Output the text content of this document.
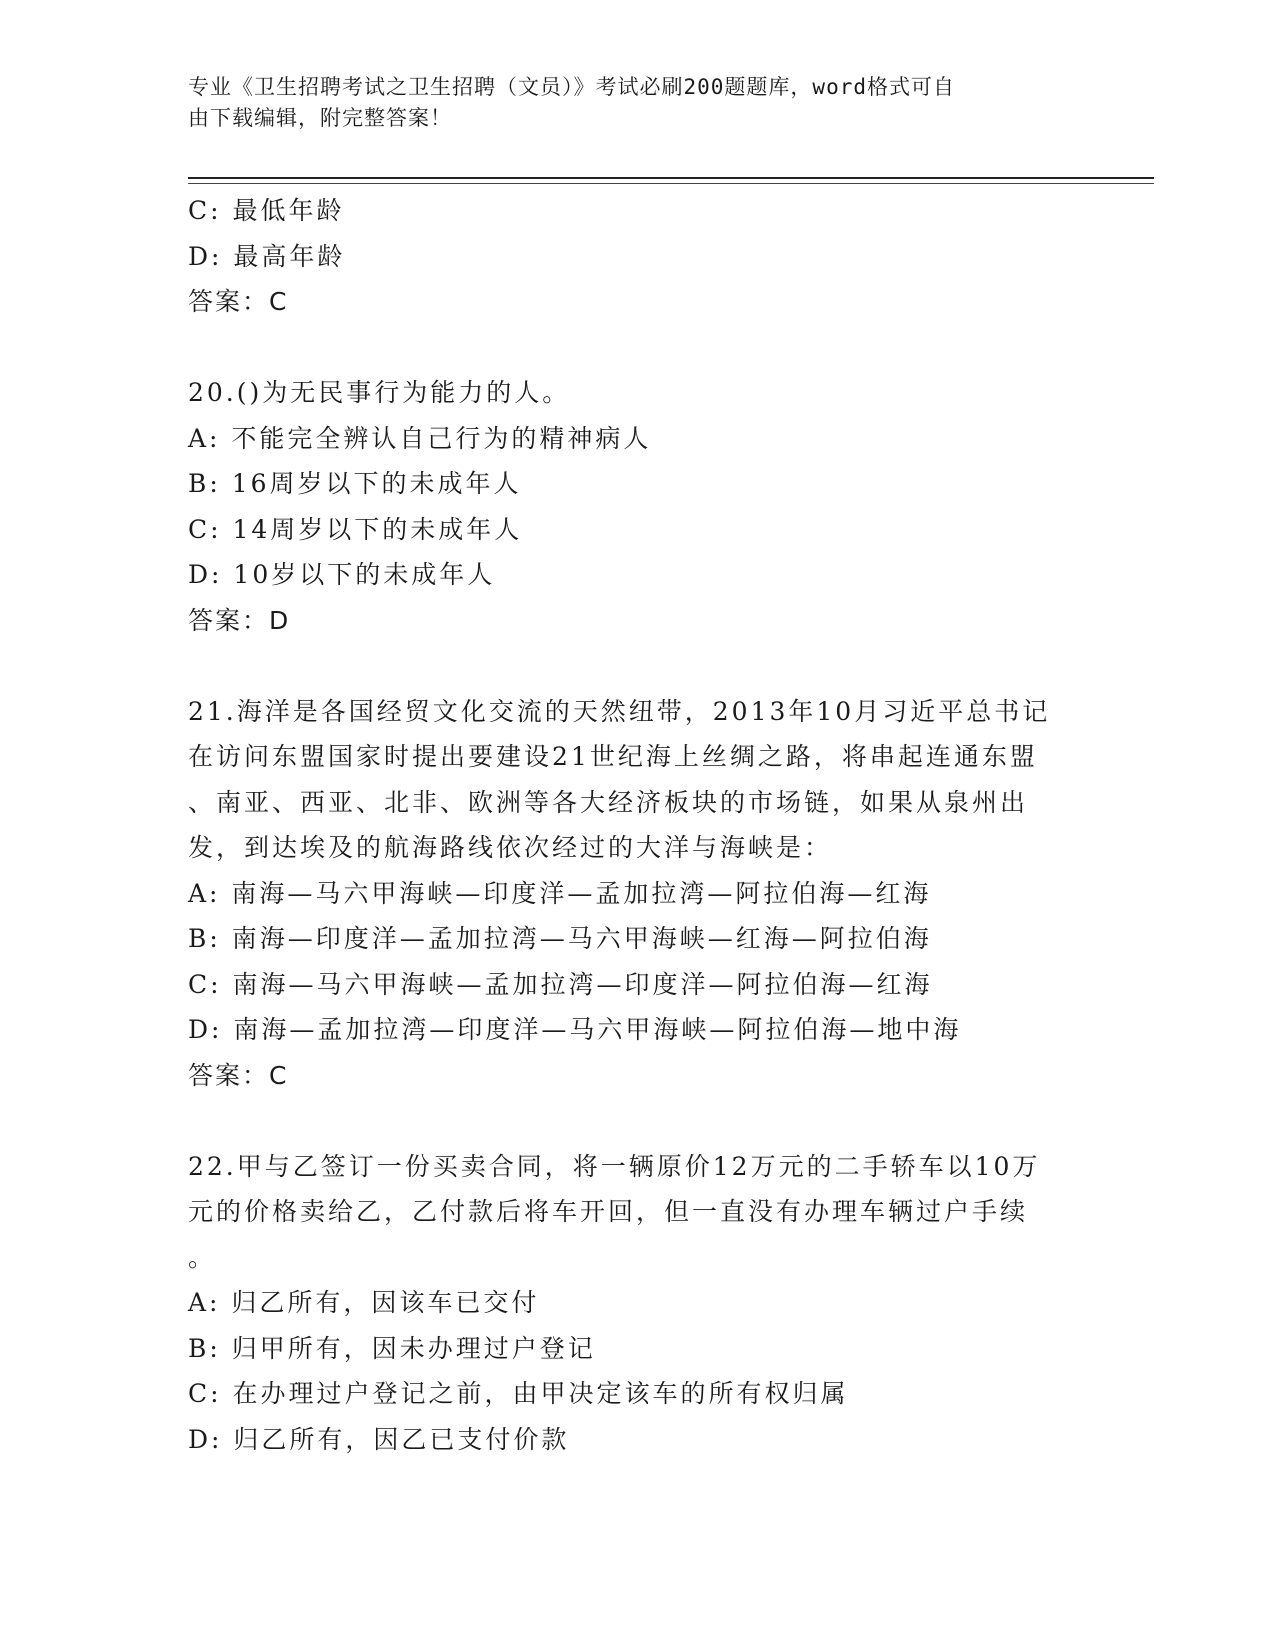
专业《卫生招聘考试之卫生招聘（文员）》考试必刷200题题库，word格式可自
由下载编辑，附完整答案！
C: 最低年龄
D: 最高年龄
答案：C
20.()为无民事行为能力的人。
A: 不能完全辨认自己行为的精神病人
B: 16周岁以下的未成年人
C: 14周岁以下的未成年人
D: 10岁以下的未成年人
答案：D
21.海洋是各国经贸文化交流的天然纽带，2013年10月习近平总书记
在访问东盟国家时提出要建设21世纪海上丝绸之路，将串起连通东盟
、南亚、西亚、北非、欧洲等各大经济板块的市场链，如果从泉州出
发，到达埃及的航海路线依次经过的大洋与海峡是：
A: 南海—马六甲海峡—印度洋—孟加拉湾—阿拉伯海—红海
B: 南海—印度洋—孟加拉湾—马六甲海峡—红海—阿拉伯海
C: 南海—马六甲海峡—孟加拉湾—印度洋—阿拉伯海—红海
D: 南海—孟加拉湾—印度洋—马六甲海峡—阿拉伯海—地中海
答案：C
22.甲与乙签订一份买卖合同，将一辆原价12万元的二手轿车以10万
元的价格卖给乙，乙付款后将车开回，但一直没有办理车辆过户手续
。
A: 归乙所有，因该车已交付
B: 归甲所有，因未办理过户登记
C: 在办理过户登记之前，由甲决定该车的所有权归属
D: 归乙所有，因乙已支付价款
